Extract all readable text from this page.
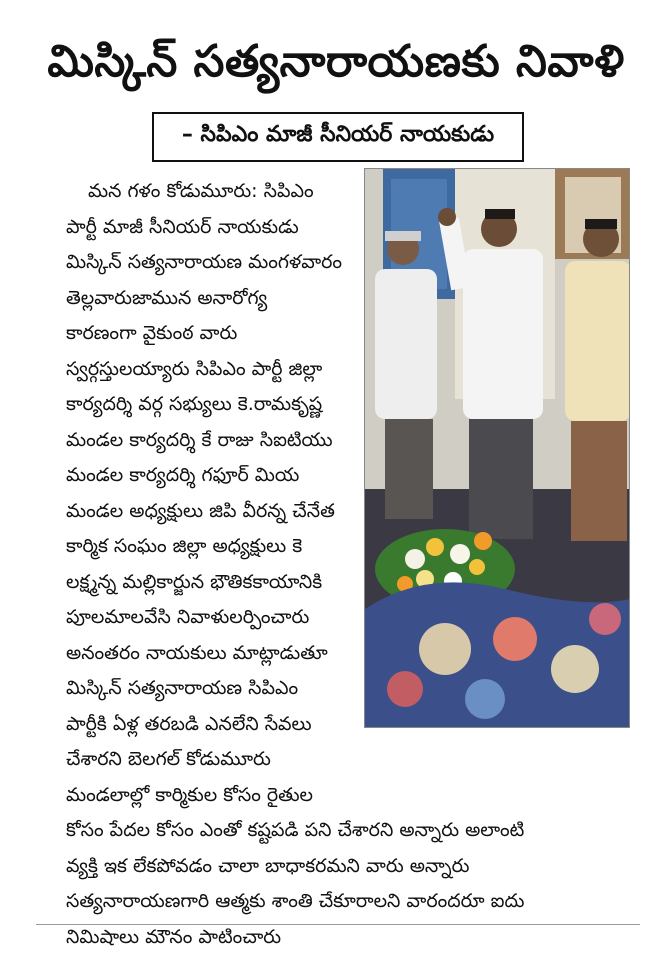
మిస్కిన్ సత్యనారాయణకు నివాళి
– సిపిఎం మాజీ సీనియర్ నాయకుడు
మన గళం కోడుమూరు: సిపిఎం
పార్టీ మాజీ సీనియర్ నాయకుడు
మిస్కిన్ సత్యనారాయణ మంగళవారం
తెల్లవారుజామున అనారోగ్య
కారణంగా వైకుంఠ వారు
స్వర్గస్తులయ్యారు సిపిఎం పార్టీ జిల్లా
కార్యదర్శి వర్గ సభ్యులు కె.రామకృష్ణ
మండల కార్యదర్శి కే రాజు సిఐటియు
మండల కార్యదర్శి గఫూర్ మియ
మండల అధ్యక్షులు జిపి వీరన్న చేనేత
కార్మిక సంఘం జిల్లా అధ్యక్షులు కె
లక్ష్మన్న మల్లికార్జున భౌతికకాయానికి
పూలమాలవేసి నివాళులర్పించారు
అనంతరం నాయకులు మాట్లాడుతూ
మిస్కిన్ సత్యనారాయణ సిపిఎం
పార్టీకి ఏళ్ల తరబడి ఎనలేని సేవలు
చేశారని బెలగల్ కోడుమూరు
మండలాల్లో కార్మికుల కోసం రైతుల
కోసం పేదల కోసం ఎంతో కష్టపడి పని చేశారని అన్నారు అలాంటి
వ్యక్తి ఇక లేకపోవడం చాలా బాధాకరమని వారు అన్నారు
సత్యనారాయణగారి ఆత్మకు శాంతి చేకూరాలని వారందరూ ఐదు
నిమిషాలు మౌనం పాటించారు
